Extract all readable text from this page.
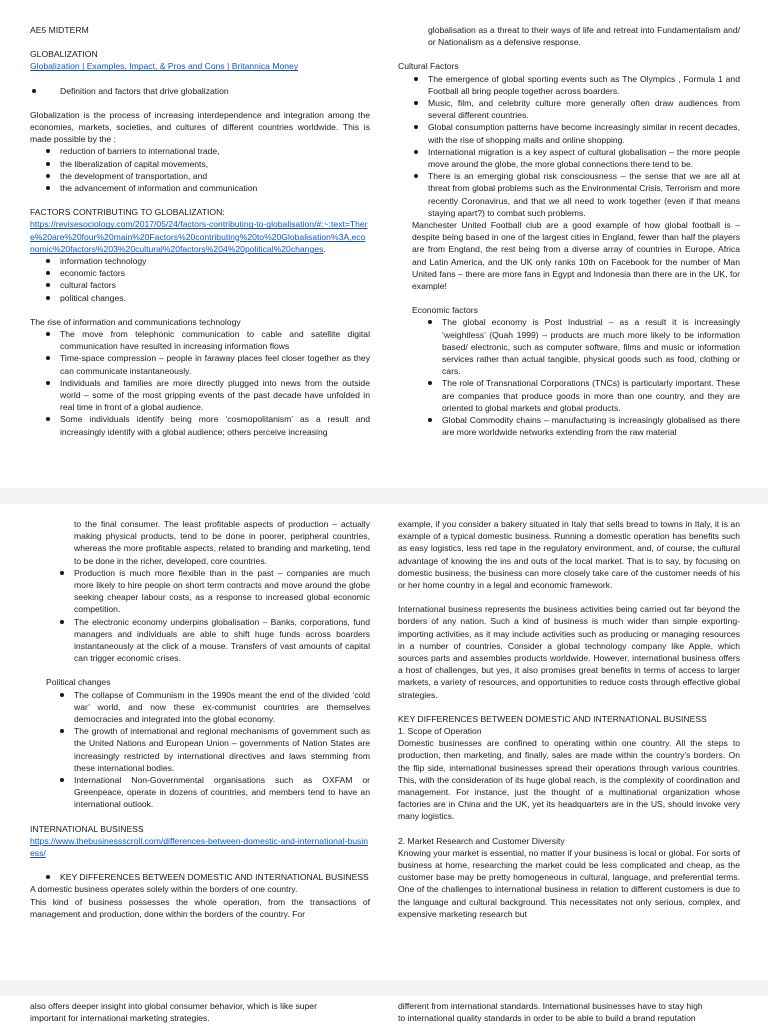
AE5 MIDTERM

GLOBALIZATION

Globalization | Examples, Impact, & Pros and Cons | Britannica Money

Definition and factors that drive globalization

Globalization is the process of increasing interdependence and integration among the economies, markets, societies, and cultures of different countries worldwide. This is made possible by the :

reduction of barriers to international trade,
the liberalization of capital movements,
the development of transportation, and
the advancement of information and communication

FACTORS CONTRIBUTING TO GLOBALIZATION:

https://revisesociology.com/2017/05/24/factors-contributing-to-globalisation/#:~:text=There%20are%20four%20main%20Factors%20contributing%20to%20Globalisation%3A,economic%20factors%203%20cultural%20factors%204%20political%20changes.

information technology
economic factors
cultural factors
political changes.

The rise of information and communications technology

The move from telephonic communication to cable and satellite digital communication have resulted in increasing information flows
Time-space compression – people in faraway places feel closer together as they can communicate instantaneously.
Individuals and families are more directly plugged into news from the outside world – some of the most gripping events of the past decade have unfolded in real time in front of a global audience.
Some individuals identify being more ‘cosmopolitanism’ as a result and increasingly identify with a global audience; others perceive increasing

globalisation as a threat to their ways of life and retreat into Fundamentalism and/ or Nationalism as a defensive response.

Cultural Factors

The emergence of global sporting events such as The Olympics , Formula 1 and Football all bring people together across boarders.
Music, film, and celebrity culture more generally often draw audiences from several different countries.
Global consumption patterns have become increasingly similar in recent decades, with the rise of shopping malls and online shopping.
International migration is a key aspect of cultural globalisation – the more people move around the globe, the more global connections there tend to be.
There is an emerging global risk consciousness – the sense that we are all at threat from global problems such as the Environmental Crisis, Terrorism and more recently Coronavirus, and that we all need to work together (even if that means staying apart?) to combat such problems.

Manchester United Football club are a good example of how global football is – despite being based in one of the largest cities in England, fewer than half the players are from England, the rest being from a diverse array of countries in Europe, Africa and Latin America, and the UK only ranks 10th on Facebook for the number of Man United fans – there are more fans in Egypt and Indonesia than there are in the UK, for example!

Economic factors

The global economy is Post Industrial – as a result it is increasingly ‘weightless’ (Quah 1999) – products are much more likely to be information based/ electronic, such as computer software, films and music or information services rather than actual tangible, physical goods such as food, clothing or cars.
The role of Transnational Corporations (TNCs) is particularly important. These are companies that produce goods in more than one country, and they are oriented to global markets and global products.
Global Commodity chains – manufacturing is increasingly globalised as there are more worldwide networks extending from the raw material

to the final consumer. The least profitable aspects of production – actually making physical products, tend to be done in poorer, peripheral countries, whereas the more profitable aspects, related to branding and marketing, tend to be done in the richer, developed, core countries.

Production is much more flexible than in the past – companies are much more likely to hire people on short term contracts and move around the globe seeking cheaper labour costs, as a response to increased global economic competition.
The electronic economy underpins globalisation – Banks, corporations, fund managers and individuals are able to shift huge funds across boarders instantaneously at the click of a mouse. Transfers of vast amounts of capital can trigger economic crises.

Political changes

The collapse of Communism in the 1990s meant the end of the divided ‘cold war’ world, and now these ex-communist countries are themselves democracies and integrated into the global economy.
The growth of international and regional mechanisms of government such as the United Nations and European Union – governments of Nation States are increasingly restricted by international directives and laws stemming from these international bodies.
International Non-Governmental organisations such as OXFAM or Greenpeace, operate in dozens of countries, and members tend to have an international outlook.

INTERNATIONAL BUSINESS

https://www.thebusinessscroll.com/differences-between-domestic-and-international-business/

KEY DIFFERENCES BETWEEN DOMESTIC AND INTERNATIONAL BUSINESS

A domestic business operates solely within the borders of one country.

This kind of business possesses the whole operation, from the transactions of management and production, done within the borders of the country. For

example, if you consider a bakery situated in Italy that sells bread to towns in Italy, it is an example of a typical domestic business. Running a domestic operation has benefits such as easy logistics, less red tape in the regulatory environment, and, of course, the cultural advantage of knowing the ins and outs of the local market. That is to say, by focusing on domestic business, the business can more closely take care of the customer needs of his or her home country in a legal and economic framework.

International business represents the business activities being carried out far beyond the borders of any nation. Such a kind of business is much wider than simple exporting-importing activities, as it may include activities such as producing or managing resources in a number of countries. Consider a global technology company like Apple, which sources parts and assembles products worldwide. However, international business offers a host of challenges, but yes, it also promises great benefits in terms of access to larger markets, a variety of resources, and opportunities to reduce costs through effective global strategies.

KEY DIFFERENCES BETWEEN DOMESTIC AND INTERNATIONAL BUSINESS

1. Scope of Operation

Domestic businesses are confined to operating within one country. All the steps to production, then marketing, and finally, sales are made within the country’s borders. On the flip side, international businesses spread their operations through various countries. This, with the consideration of its huge global reach, is the complexity of coordination and management. For instance, just the thought of a multinational organization whose factories are in China and the UK, yet its headquarters are in the US, should invoke very many logistics.

2. Market Research and Customer Diversity

Knowing your market is essential, no matter if your business is local or global. For sorts of business at home, researching the market could be less complicated and cheap, as the customer base may be pretty homogeneous in cultural, language, and preferential terms. One of the challenges to international business in relation to different customers is due to the language and cultural background. This necessitates not only serious, complex, and expensive marketing research but

also offers deeper insight into global consumer behavior, which is like super

important for international marketing strategies.

different from international standards. International businesses have to stay high

to international quality standards in order to be able to build a brand reputation
